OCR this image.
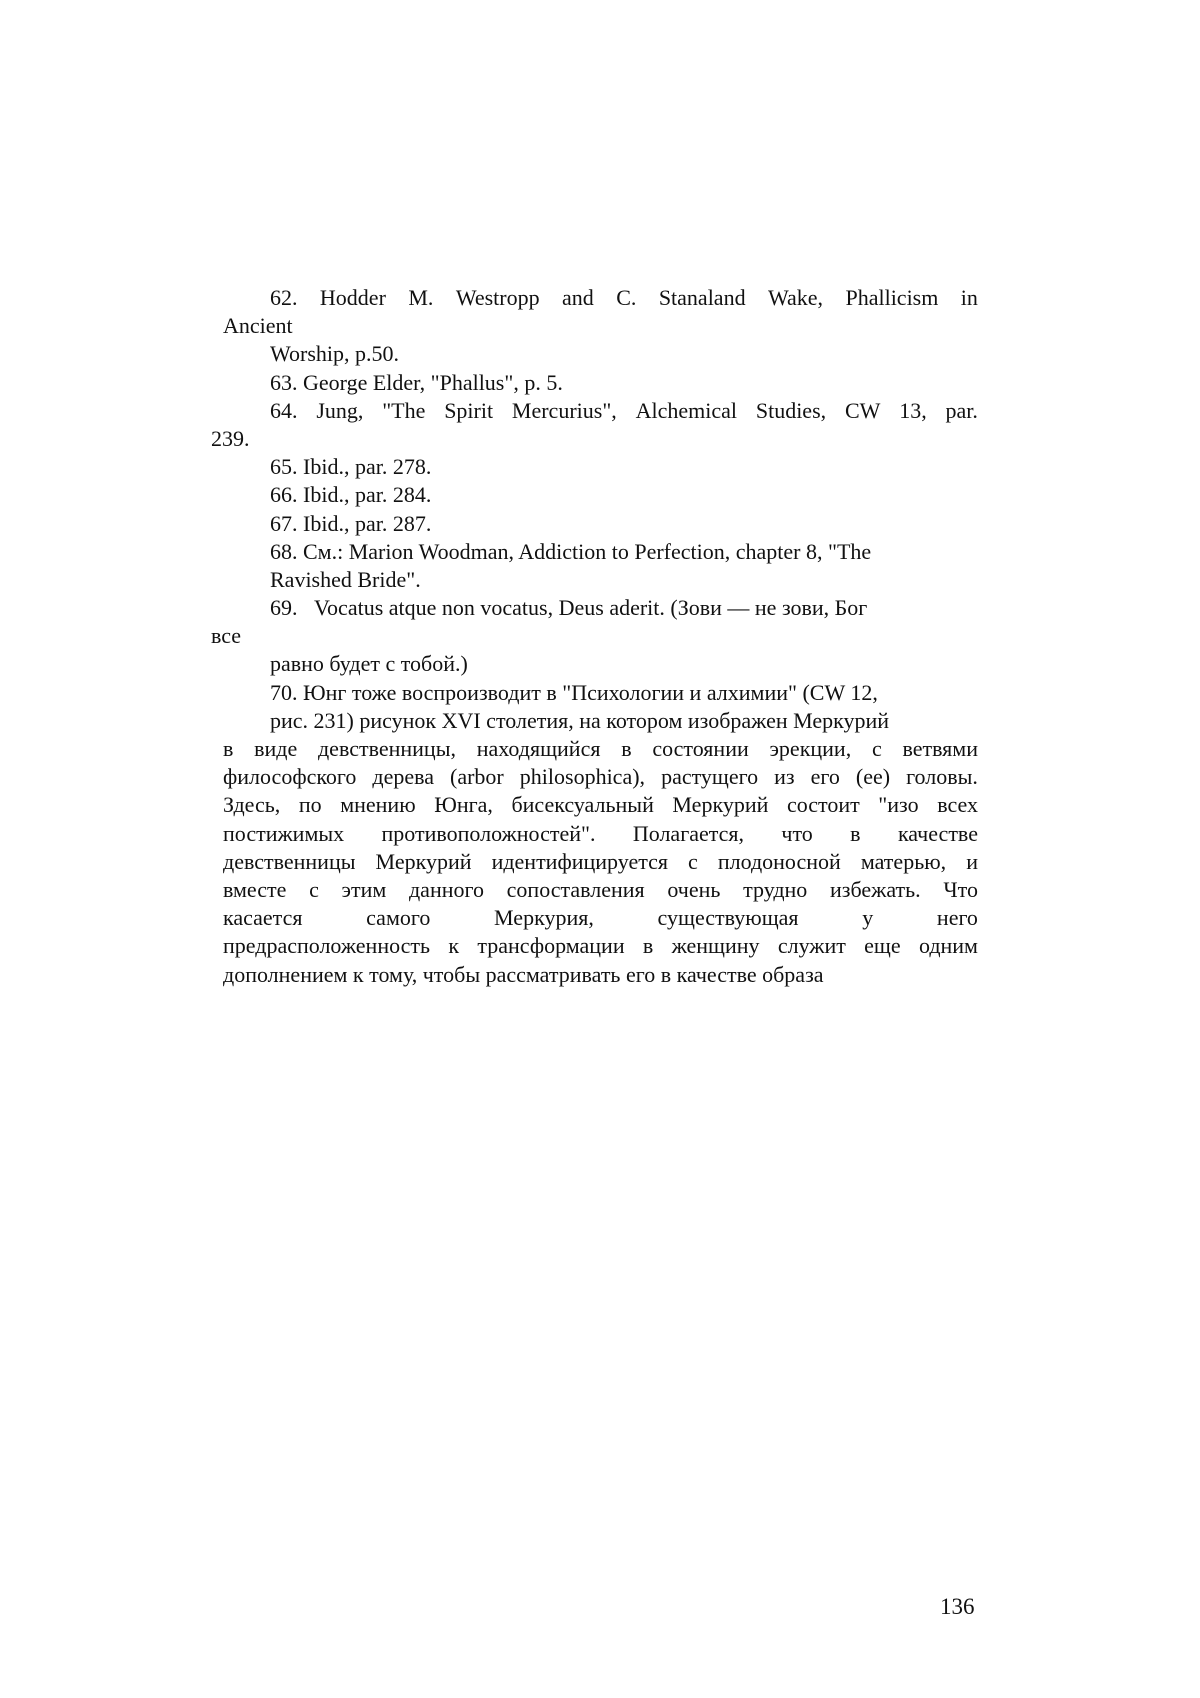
62. Hodder M. Westropp and C. Stanaland Wake, Phallicism in
Ancient
Worship, p.50.
63. George Elder, "Phallus", p. 5.
64. Jung, "The Spirit Mercurius", Alchemical Studies, CW 13, par.
239.
65. Ibid., par. 278.
66. Ibid., par. 284.
67. Ibid., par. 287.
68. См.: Marion Woodman, Addiction to Perfection, chapter 8, "The
Ravished Bride".
69. Vocatus atque non vocatus, Deus aderit. (Зови — не зови, Бог
все
равно будет с тобой.)
70. Юнг тоже воспроизводит в "Психологии и алхимии" (CW 12,
рис. 231) рисунок XVI столетия, на котором изображен Меркурий
в виде девственницы, находящийся в состоянии эрекции, с ветвями
философского дерева (arbor philosophica), растущего из его (ее) головы.
Здесь, по мнению Юнга, бисексуальный Меркурий состоит "изо всех
постижимых противоположностей". Полагается, что в качестве
девственницы Меркурий идентифицируется с плодоносной матерью, и
вместе с этим данного сопоставления очень трудно избежать. Что
касается	самого	Меркурия,	существующая	у	него
предрасположенность к трансформации в женщину служит еще одним
дополнением к тому, чтобы рассматривать его в качестве образа
136
